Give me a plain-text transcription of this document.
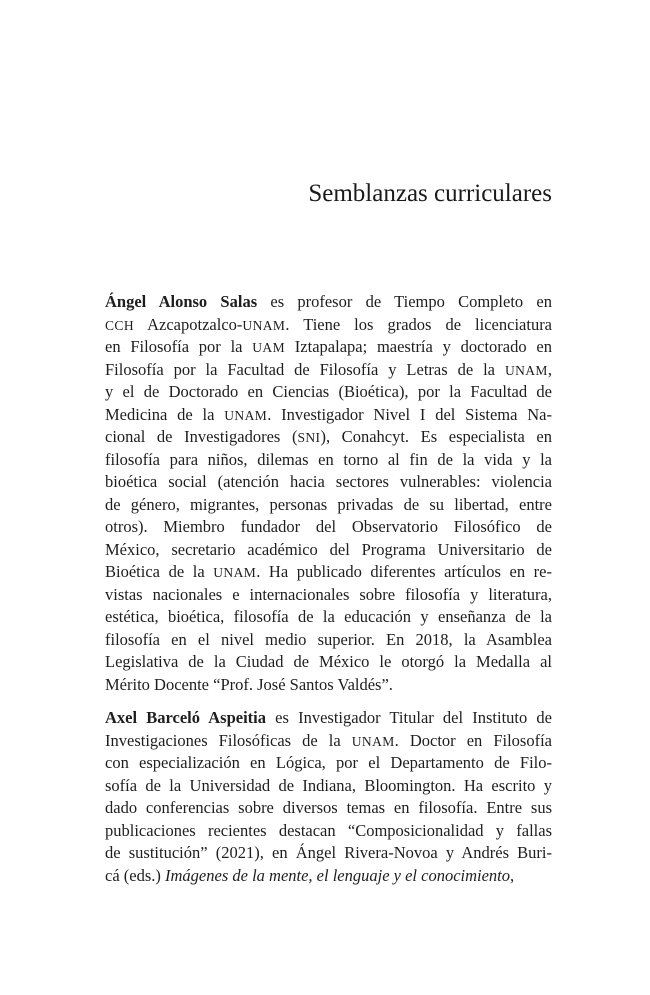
Semblanzas curriculares
Ángel Alonso Salas es profesor de Tiempo Completo en
CCH Azcapotzalco-UNAM. Tiene los grados de licenciatura
en Filosofía por la UAM Iztapalapa; maestría y doctorado en
Filosofía por la Facultad de Filosofía y Letras de la UNAM,
y el de Doctorado en Ciencias (Bioética), por la Facultad de
Medicina de la UNAM. Investigador Nivel I del Sistema Na-
cional de Investigadores (SNI), Conahcyt. Es especialista en
filosofía para niños, dilemas en torno al fin de la vida y la
bioética social (atención hacia sectores vulnerables: violencia
de género, migrantes, personas privadas de su libertad, entre
otros). Miembro fundador del Observatorio Filosófico de
México, secretario académico del Programa Universitario de
Bioética de la UNAM. Ha publicado diferentes artículos en re-
vistas nacionales e internacionales sobre filosofía y literatura,
estética, bioética, filosofía de la educación y enseñanza de la
filosofía en el nivel medio superior. En 2018, la Asamblea
Legislativa de la Ciudad de México le otorgó la Medalla al
Mérito Docente “Prof. José Santos Valdés”.
Axel Barceló Aspeitia es Investigador Titular del Instituto de
Investigaciones Filosóficas de la UNAM. Doctor en Filosofía
con especialización en Lógica, por el Departamento de Filo-
sofía de la Universidad de Indiana, Bloomington. Ha escrito y
dado conferencias sobre diversos temas en filosofía. Entre sus
publicaciones recientes destacan “Composicionalidad y fallas
de sustitución” (2021), en Ángel Rivera-Novoa y Andrés Buri-
cá (eds.) Imágenes de la mente, el lenguaje y el conocimiento,
